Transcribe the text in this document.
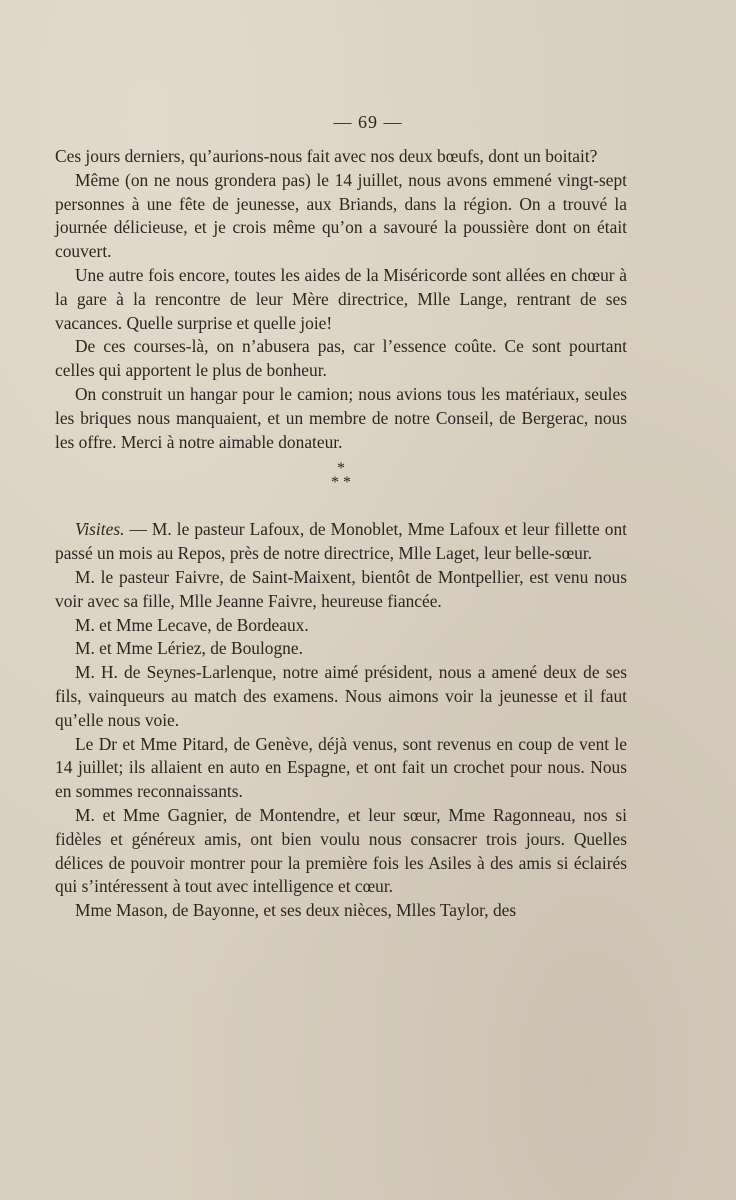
— 69 —

Ces jours derniers, qu’aurions-nous fait avec nos deux bœufs, dont un boitait?

Même (on ne nous grondera pas) le 14 juillet, nous avons emmené vingt-sept personnes à une fête de jeunesse, aux Briands, dans la région. On a trouvé la journée délicieuse, et je crois même qu’on a savouré la poussière dont on était couvert.

Une autre fois encore, toutes les aides de la Miséricorde sont allées en chœur à la gare à la rencontre de leur Mère directrice, Mlle Lange, rentrant de ses vacances. Quelle surprise et quelle joie!

De ces courses-là, on n’abusera pas, car l’essence coûte. Ce sont pourtant celles qui apportent le plus de bonheur.

On construit un hangar pour le camion; nous avions tous les matériaux, seules les briques nous manquaient, et un membre de notre Conseil, de Bergerac, nous les offre. Merci à notre aimable donateur.

*
* *

Visites. — M. le pasteur Lafoux, de Monoblet, Mme Lafoux et leur fillette ont passé un mois au Repos, près de notre directrice, Mlle Laget, leur belle-sœur.

M. le pasteur Faivre, de Saint-Maixent, bientôt de Montpellier, est venu nous voir avec sa fille, Mlle Jeanne Faivre, heureuse fiancée.

M. et Mme Lecave, de Bordeaux.

M. et Mme Lériez, de Boulogne.

M. H. de Seynes-Larlenque, notre aimé président, nous a amené deux de ses fils, vainqueurs au match des examens. Nous aimons voir la jeunesse et il faut qu’elle nous voie.

Le Dr et Mme Pitard, de Genève, déjà venus, sont revenus en coup de vent le 14 juillet; ils allaient en auto en Espagne, et ont fait un crochet pour nous. Nous en sommes reconnaissants.

M. et Mme Gagnier, de Montendre, et leur sœur, Mme Ragonneau, nos si fidèles et généreux amis, ont bien voulu nous consacrer trois jours. Quelles délices de pouvoir montrer pour la première fois les Asiles à des amis si éclairés qui s’intéressent à tout avec intelligence et cœur.

Mme Mason, de Bayonne, et ses deux nièces, Mlles Taylor, des
